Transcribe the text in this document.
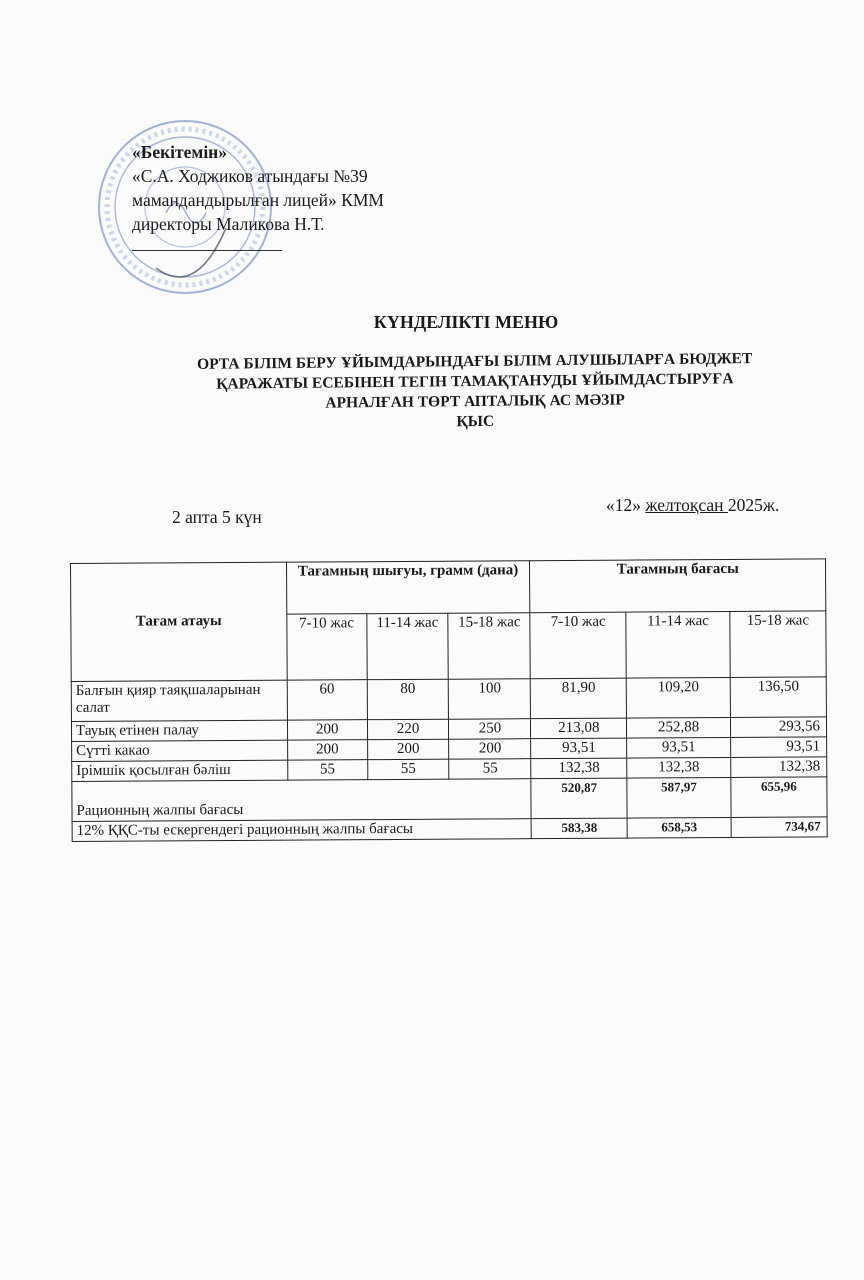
«Бекітемін»
«С.А. Ходжиков атындағы №39
мамандандырылған лицей» КММ
директоры Маликова Н.Т.
КҮНДЕЛІКТІ МЕНЮ
ОРТА БІЛІМ БЕРУ ҰЙЫМДАРЫНДАҒЫ БІЛІМ АЛУШЫЛАРҒА БЮДЖЕТ
ҚАРАЖАТЫ ЕСЕБІНЕН ТЕГІН ТАМАҚТАНУДЫ ҰЙЫМДАСТЫРУҒА
АРНАЛҒАН ТӨРТ АПТАЛЫҚ АС МӘЗІР
ҚЫС
2 апта 5 күн
«12» желтоқсан 2025ж.
Тағам атауы	Тағамның шығуы, грамм (дана)			Тағамның бағасы		
	7-10 жас	11-14 жас	15-18 жас	7-10 жас	11-14 жас	15-18 жас
Балғын қияр таяқшаларынан салат	60	80	100	81,90	109,20	136,50
Тауық етінен палау	200	220	250	213,08	252,88	293,56
Сүтті какао	200	200	200	93,51	93,51	93,51
Ірімшік қосылған бәліш	55	55	55	132,38	132,38	132,38
Рационның жалпы бағасы				520,87	587,97	655,96
12% ҚҚС-ты ескергендегі рационның жалпы бағасы				583,38	658,53	734,67
